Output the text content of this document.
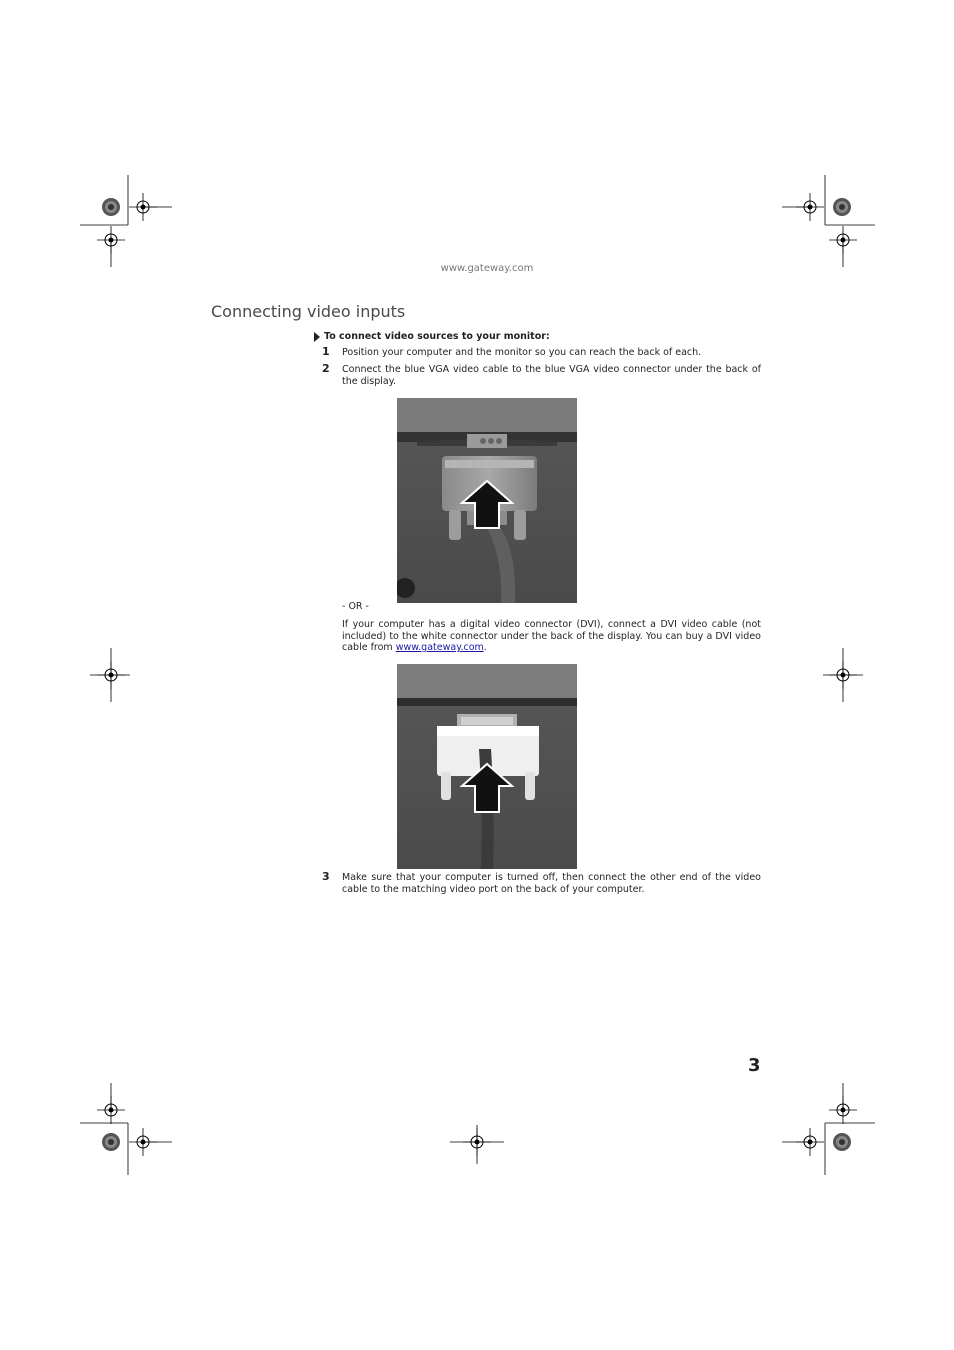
www.gateway.com
Connecting video inputs
To connect video sources to your monitor:
1 Position your computer and the monitor so you can reach the back of each.
2 Connect the blue VGA video cable to the blue VGA video connector under the back of the display.
- OR -
If your computer has a digital video connector (DVI), connect a DVI video cable (not included) to the white connector under the back of the display. You can buy a DVI video cable from www.gateway.com.
3 Make sure that your computer is turned off, then connect the other end of the video cable to the matching video port on the back of your computer.
3
